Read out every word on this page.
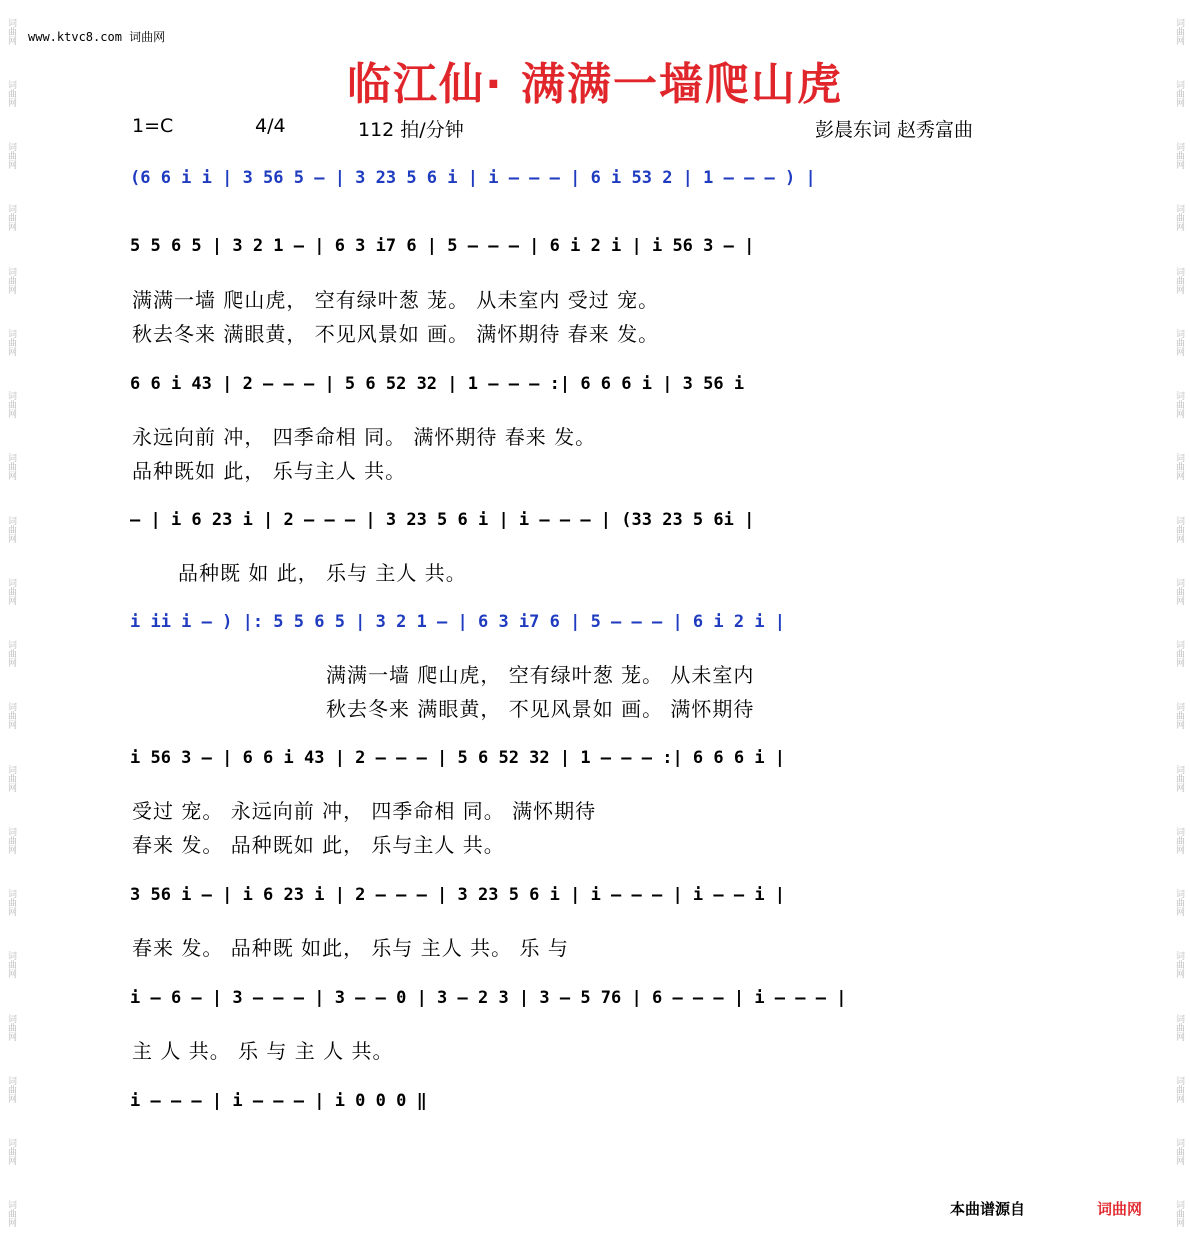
词曲网
词曲网
词曲网
词曲网
词曲网
词曲网
词曲网
词曲网
词曲网
词曲网
词曲网
词曲网
词曲网
词曲网
词曲网
词曲网
词曲网
词曲网
词曲网
词曲网
词曲网
词曲网
词曲网
词曲网
词曲网
词曲网
词曲网
词曲网
词曲网
词曲网
词曲网
词曲网
词曲网
词曲网
词曲网
词曲网
词曲网
词曲网
词曲网
词曲网
www.ktvc8.com 词曲网
临江仙· 满满一墙爬山虎
1=C	4/4	112 拍/分钟	彭晨东词 赵秀富曲
(6 6 i i | 3 56 5 – | 3 23 5 6 i | i – – – | 6 i 53 2 | 1 – – – ) |
5 5 6 5 | 3 2 1 – | 6 3 i7 6 | 5 – – – | 6 i 2 i | i 56 3 – |
满满一墙 爬山虎， 空有绿叶葱 茏。 从未室内 受过 宠。
秋去冬来 满眼黄， 不见风景如 画。 满怀期待 春来 发。
6 6 i 43 | 2 – – – | 5 6 52 32 | 1 – – – :| 6 6 6 i | 3 56 i
永远向前 冲， 四季命相 同。 满怀期待 春来 发。
品种既如 此， 乐与主人 共。
– | i 6 23 i | 2 – – – | 3 23 5 6 i | i – – – | (33 23 5 6i |
品种既 如 此， 乐与 主人 共。
i ii i – ) |: 5 5 6 5 | 3 2 1 – | 6 3 i7 6 | 5 – – – | 6 i 2 i |
满满一墙 爬山虎， 空有绿叶葱 茏。 从未室内
秋去冬来 满眼黄， 不见风景如 画。 满怀期待
i 56 3 – | 6 6 i 43 | 2 – – – | 5 6 52 32 | 1 – – – :| 6 6 6 i |
受过 宠。 永远向前 冲， 四季命相 同。 满怀期待
春来 发。 品种既如 此， 乐与主人 共。
3 56 i – | i 6 23 i | 2 – – – | 3 23 5 6 i | i – – – | i – – i |
春来 发。 品种既 如此， 乐与 主人 共。 乐 与
i – 6 – | 3 – – – | 3 – – 0 | 3 – 2 3 | 3 – 5 76 | 6 – – – | i – – – |
主 人 共。 乐 与 主 人 共。
i – – – | i – – – | i 0 0 0 ‖
本曲谱源自	词曲网
